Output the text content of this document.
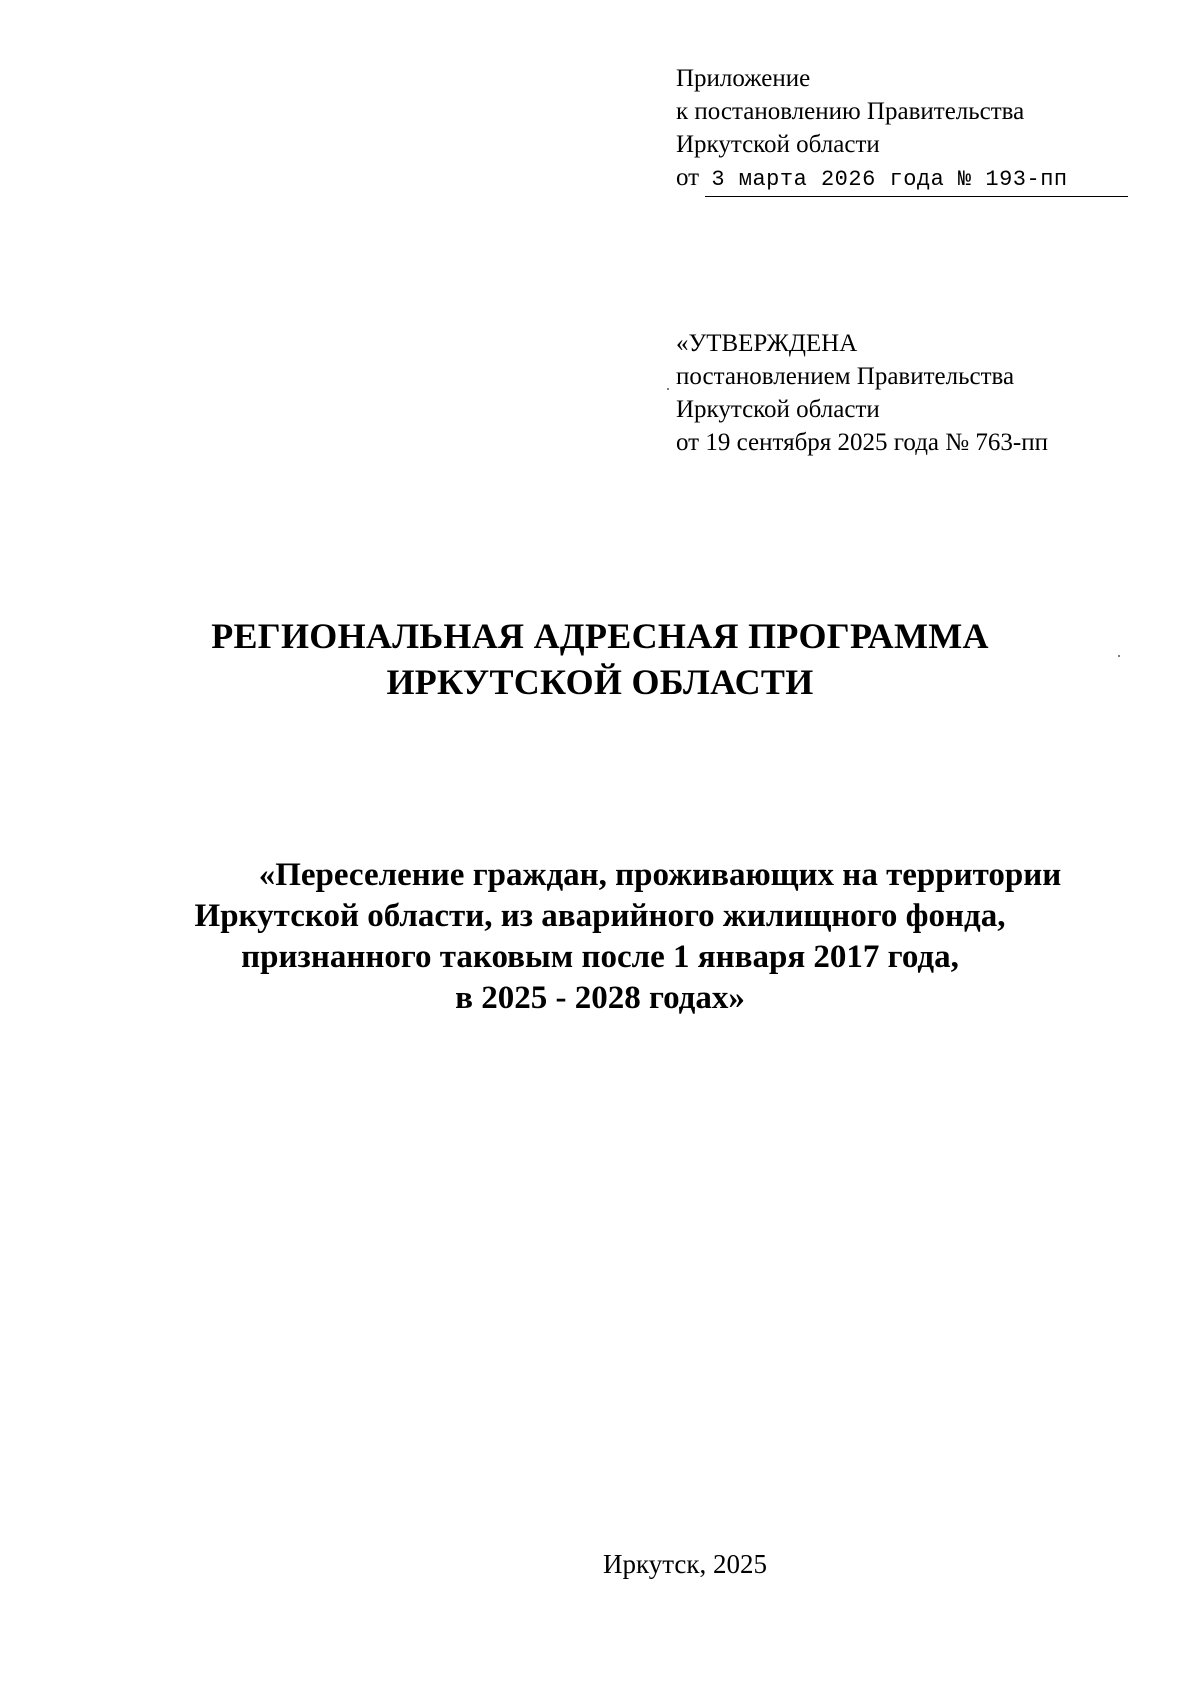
Приложение
к постановлению Правительства
Иркутской области
от 3 марта 2026 года № 193-пп
«УТВЕРЖДЕНА
постановлением Правительства
Иркутской области
от 19 сентября 2025 года № 763-пп
РЕГИОНАЛЬНАЯ АДРЕСНАЯ ПРОГРАММА
ИРКУТСКОЙ ОБЛАСТИ
«Переселение граждан, проживающих на территории
Иркутской области, из аварийного жилищного фонда,
признанного таковым после 1 января 2017 года,
в 2025 - 2028 годах»
Иркутск, 2025
